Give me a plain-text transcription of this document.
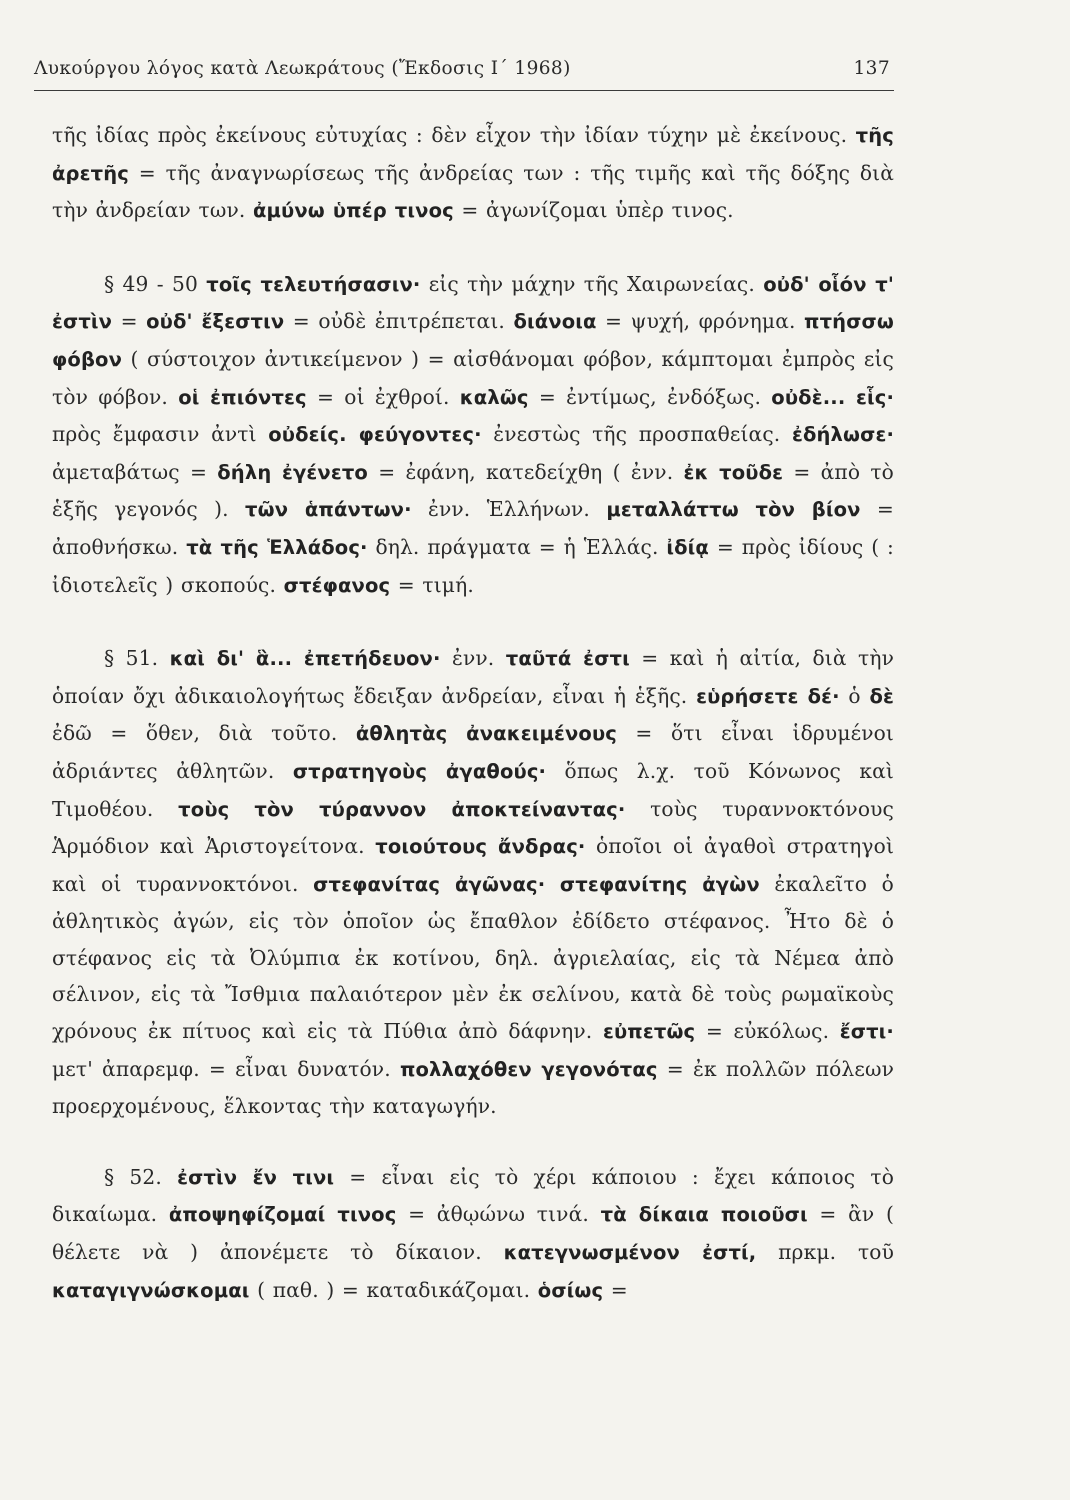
Λυκούργου λόγος κατὰ Λεωκράτους (Ἔκδοσις Ι΄ 1968)	137

τῆς ἰδίας πρὸς ἐκείνους εὐτυχίας : δὲν εἶχον τὴν ἰδίαν τύχην μὲ ἐκείνους. τῆς ἀρετῆς = τῆς ἀναγνωρίσεως τῆς ἀνδρείας των : τῆς τιμῆς καὶ τῆς δόξης διὰ τὴν ἀνδρείαν των. ἀμύνω ὑπέρ τινος = ἀγωνίζομαι ὑπὲρ τινος.

§ 49 - 50 τοῖς τελευτήσασιν· εἰς τὴν μάχην τῆς Χαιρωνείας. οὐδ' οἷόν τ' ἐστὶν = οὐδ' ἔξεστιν = οὐδὲ ἐπιτρέπεται. διάνοια = ψυχή, φρόνημα. πτήσσω φόβον ( σύστοιχον ἀντικείμενον ) = αἰσθάνομαι φόβον, κάμπτομαι ἐμπρὸς εἰς τὸν φόβον. οἱ ἐπιόντες = οἱ ἐχθροί. καλῶς = ἐντίμως, ἐνδόξως. οὐδὲ... εἷς· πρὸς ἔμφασιν ἀντὶ οὐδείς. φεύγοντες· ἐνεστὼς τῆς προσπαθείας. ἐδήλωσε· ἀμεταβάτως = δήλη ἐγένετο = ἐφάνη, κατεδείχθη ( ἐνν. ἐκ τοῦδε = ἀπὸ τὸ ἑξῆς γεγονός ). τῶν ἁπάντων· ἐνν. Ἑλλήνων. μεταλλάττω τὸν βίον = ἀποθνήσκω. τὰ τῆς Ἑλλάδος· δηλ. πράγματα = ἡ Ἑλλάς. ἰδίᾳ = πρὸς ἰδίους ( : ἰδιοτελεῖς ) σκοπούς. στέφανος = τιμή.

§ 51. καὶ δι' ἃ... ἐπετήδευον· ἐνν. ταῦτά ἐστι = καὶ ἡ αἰτία, διὰ τὴν ὁποίαν ὄχι ἀδικαιολογήτως ἔδειξαν ἀνδρείαν, εἶναι ἡ ἑξῆς. εὑρήσετε δέ· ὁ δὲ ἐδῶ = ὅθεν, διὰ τοῦτο. ἀθλητὰς ἀνακειμένους = ὅτι εἶναι ἱδρυμένοι ἀδριάντες ἀθλητῶν. στρατηγοὺς ἀγαθούς· ὅπως λ.χ. τοῦ Κόνωνος καὶ Τιμοθέου. τοὺς τὸν τύραννον ἀποκτείναντας· τοὺς τυραννοκτόνους Ἁρμόδιον καὶ Ἀριστογείτονα. τοιούτους ἄνδρας· ὁποῖοι οἱ ἀγαθοὶ στρατηγοὶ καὶ οἱ τυραννοκτόνοι. στεφανίτας ἀγῶνας· στεφανίτης ἀγὼν ἐκαλεῖτο ὁ ἀθλητικὸς ἀγών, εἰς τὸν ὁποῖον ὡς ἔπαθλον ἐδίδετο στέφανος. Ἦτο δὲ ὁ στέφανος εἰς τὰ Ὀλύμπια ἐκ κοτίνου, δηλ. ἀγριελαίας, εἰς τὰ Νέμεα ἀπὸ σέλινον, εἰς τὰ Ἴσθμια παλαιότερον μὲν ἐκ σελίνου, κατὰ δὲ τοὺς ρωμαϊκοὺς χρόνους ἐκ πίτυος καὶ εἰς τὰ Πύθια ἀπὸ δάφνην. εὐπετῶς = εὐκόλως. ἔστι· μετ' ἀπαρεμφ. = εἶναι δυνατόν. πολλαχόθεν γεγονότας = ἐκ πολλῶν πόλεων προερχομένους, ἕλκοντας τὴν καταγωγήν.

§ 52. ἐστὶν ἔν τινι = εἶναι εἰς τὸ χέρι κάποιου : ἔχει κάποιος τὸ δικαίωμα. ἀποψηφίζομαί τινος = ἀθῳώνω τινά. τὰ δίκαια ποιοῦσι = ἂν ( θέλετε νὰ ) ἀπονέμετε τὸ δίκαιον. κατεγνωσμένον ἐστί, πρκμ. τοῦ καταγιγνώσκομαι ( παθ. ) = καταδικάζομαι. ὁσίως =
